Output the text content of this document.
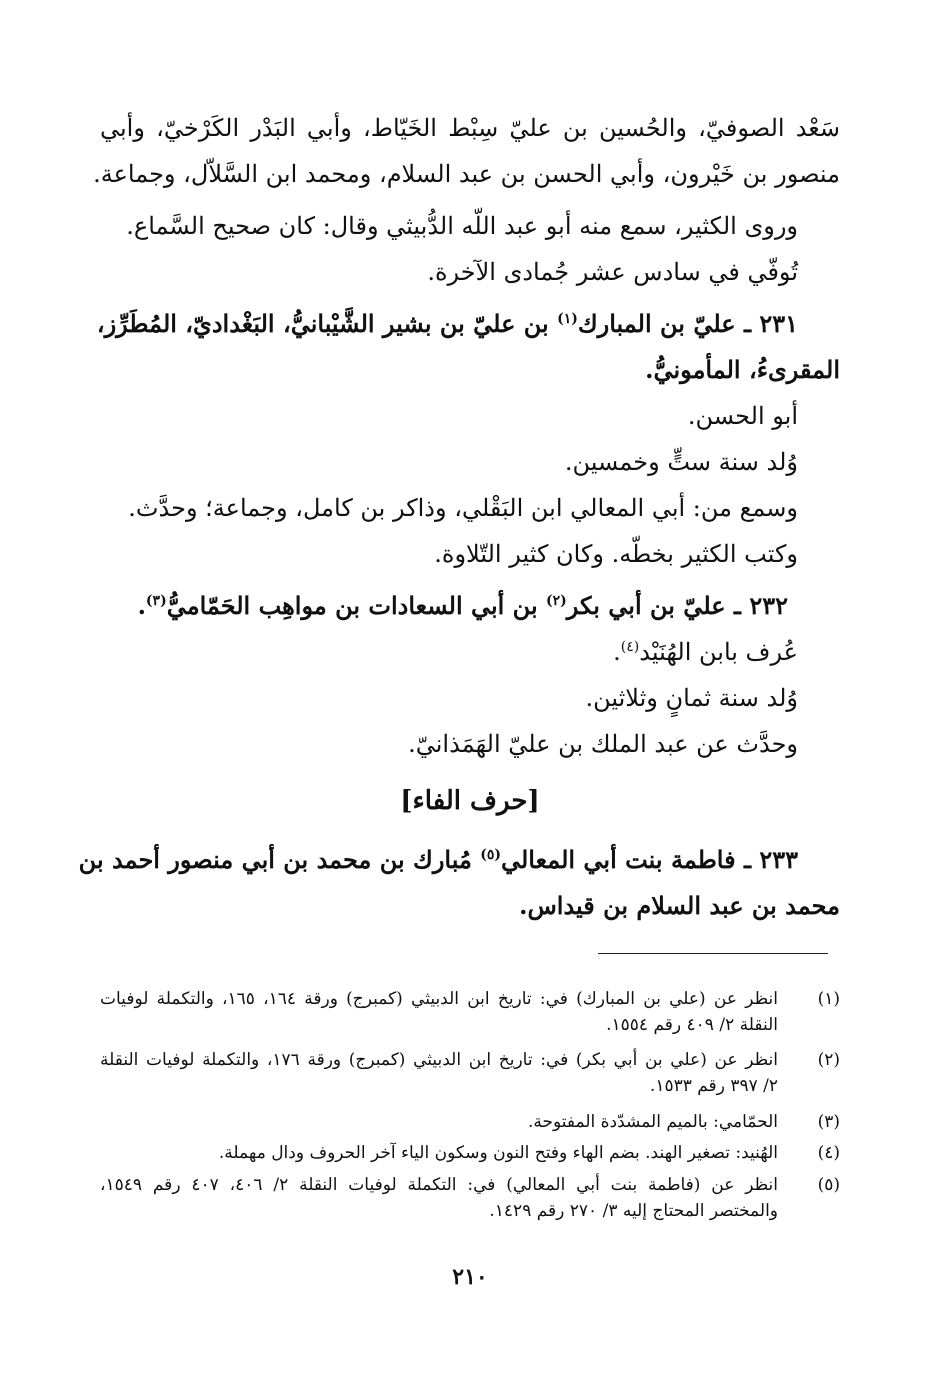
سَعْد الصوفيّ، والحُسين بن عليّ سِبْط الخَيّاط، وأبي البَدْر الكَرْخيّ، وأبي
منصور بن خَيْرون، وأبي الحسن بن عبد السلام، ومحمد ابن السَّلاّل، وجماعة.
وروى الكثير، سمع منه أبو عبد اللّه الدُّبيثي وقال: كان صحيح السَّماع.
تُوفّي في سادس عشر جُمادى الآخرة.
٢٣١ ـ عليّ بن المبارك$^{(١)}$ بن عليّ بن بشير الشَّيْبانيُّ، البَغْداديّ، المُطَرِّز،
المقرىءُ، المأمونيُّ.
أبو الحسن.
وُلد سنة ستٍّ وخمسين.
وسمع من: أبي المعالي ابن البَقْلي، وذاكر بن كامل، وجماعة؛ وحدَّث.
وكتب الكثير بخطّه. وكان كثير التّلاوة.
٢٣٢ ـ عليّ بن أبي بكر$^{(٢)}$ بن أبي السعادات بن مواهِب الحَمّاميُّ$^{(٣)}$.
عُرف بابن الهُنَيْد$^{(٤)}$.
وُلد سنة ثمانٍ وثلاثين.
وحدَّث عن عبد الملك بن عليّ الهَمَذانيّ.
[حرف الفاء]
٢٣٣ ـ فاطمة بنت أبي المعالي$^{(٥)}$ مُبارك بن محمد بن أبي منصور أحمد بن
محمد بن عبد السلام بن قيداس.
(١)
انظر عن (علي بن المبارك) في: تاريخ ابن الدبيثي (كمبرج) ورقة ١٦٤، ١٦٥، والتكملة لوفيات
النقلة ٢/ ٤٠٩ رقم ١٥٥٤.
(٢)
انظر عن (علي بن أبي بكر) في: تاريخ ابن الدبيثي (كمبرج) ورقة ١٧٦، والتكملة لوفيات النقلة
٢/ ٣٩٧ رقم ١٥٣٣.
(٣)
الحمّامي: بالميم المشدّدة المفتوحة.
(٤)
الهُنيد: تصغير الهند. بضم الهاء وفتح النون وسكون الياء آخر الحروف ودال مهملة.
(٥)
انظر عن (فاطمة بنت أبي المعالي) في: التكملة لوفيات النقلة ٢/ ٤٠٦، ٤٠٧ رقم ١٥٤٩،
والمختصر المحتاج إليه ٣/ ٢٧٠ رقم ١٤٢٩.
٢١٠
